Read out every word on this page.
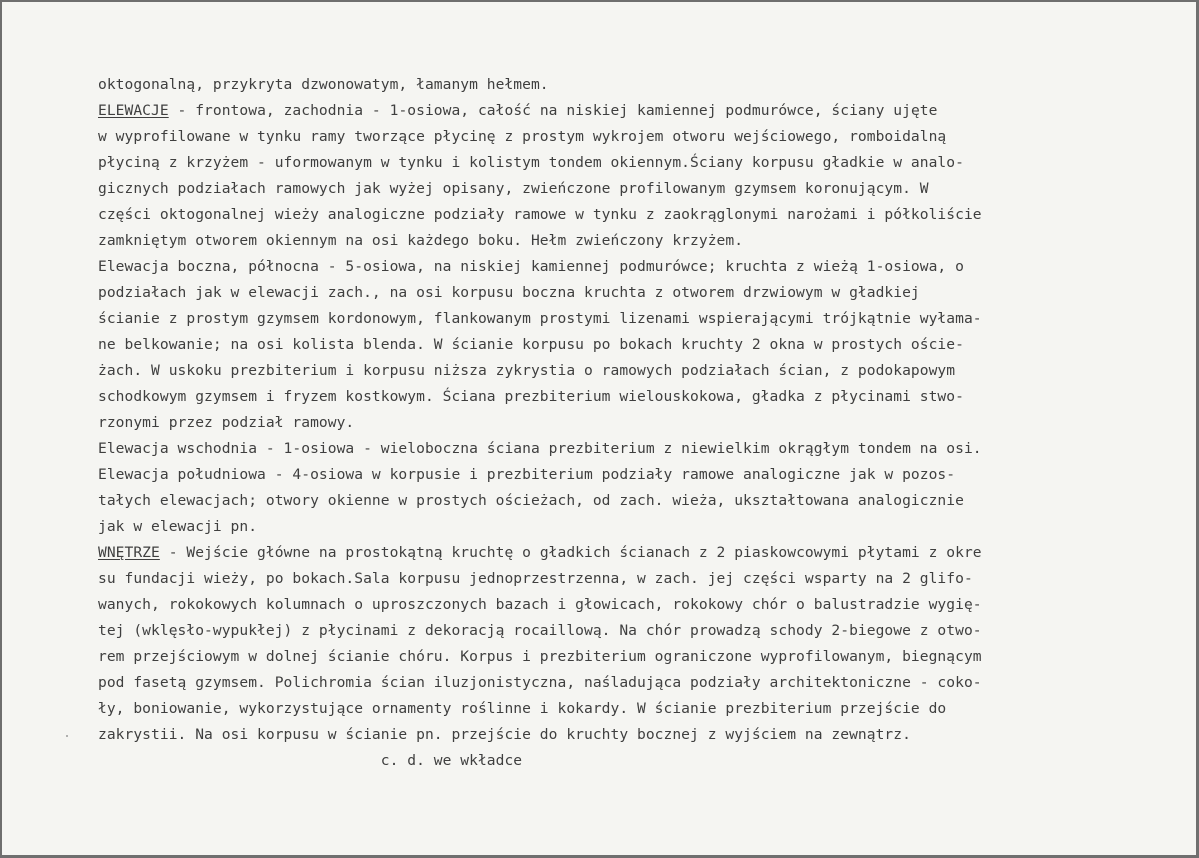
oktogonalną, przykryta dzwonowatym, łamanym hełmem.
ELEWACJE - frontowa, zachodnia - 1-osiowa, całość na niskiej kamiennej podmurówce, ściany ujęte
w wyprofilowane w tynku ramy tworzące płycinę z prostym wykrojem otworu wejściowego, romboidalną
płyciną z krzyżem - uformowanym w tynku i kolistym tondem okiennym.Ściany korpusu gładkie w analo-
gicznych podziałach ramowych jak wyżej opisany, zwieńczone profilowanym gzymsem koronującym. W
części oktogonalnej wieży analogiczne podziały ramowe w tynku z zaokrąglonymi narożami i półkoliście
zamkniętym otworem okiennym na osi każdego boku. Hełm zwieńczony krzyżem.
Elewacja boczna, północna - 5-osiowa, na niskiej kamiennej podmurówce; kruchta z wieżą 1-osiowa, o
podziałach jak w elewacji zach., na osi korpusu boczna kruchta z otworem drzwiowym w gładkiej
ścianie z prostym gzymsem kordonowym, flankowanym prostymi lizenami wspierającymi trójkątnie wyłama-
ne belkowanie; na osi kolista blenda. W ścianie korpusu po bokach kruchty 2 okna w prostych oście-
żach. W uskoku prezbiterium i korpusu niższa zykrystia o ramowych podziałach ścian, z podokapowym
schodkowym gzymsem i fryzem kostkowym. Ściana prezbiterium wielouskokowa, gładka z płycinami stwo-
rzonymi przez podział ramowy.
Elewacja wschodnia - 1-osiowa - wieloboczna ściana prezbiterium z niewielkim okrągłym tondem na osi.
Elewacja południowa - 4-osiowa w korpusie i prezbiterium podziały ramowe analogiczne jak w pozos-
tałych elewacjach; otwory okienne w prostych ościeżach, od zach. wieża, ukształtowana analogicznie
jak w elewacji pn.
WNĘTRZE - Wejście główne na prostokątną kruchtę o gładkich ścianach z 2 piaskowcowymi płytami z okre
su fundacji wieży, po bokach.Sala korpusu jednoprzestrzenna, w zach. jej części wsparty na 2 glifo-
wanych, rokokowych kolumnach o uproszczonych bazach i głowicach, rokokowy chór o balustradzie wygię-
tej (wklęsło-wypukłej) z płycinami z dekoracją rocaillową. Na chór prowadzą schody 2-biegowe z otwo-
rem przejściowym w dolnej ścianie chóru. Korpus i prezbiterium ograniczone wyprofilowanym, biegnącym
pod fasetą gzymsem. Polichromia ścian iluzjonistyczna, naśladująca podziały architektoniczne - coko-
ły, boniowanie, wykorzystujące ornamenty roślinne i kokardy. W ścianie prezbiterium przejście do
zakrystii. Na osi korpusu w ścianie pn. przejście do kruchty bocznej z wyjściem na zewnątrz.
c. d. we wkładce
